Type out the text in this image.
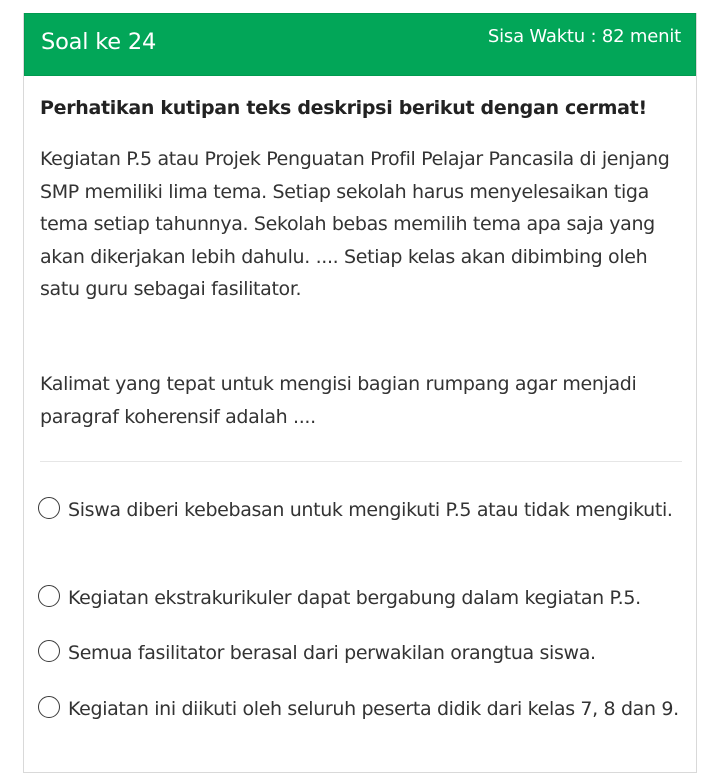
Soal ke 24	Sisa Waktu : 82 menit
Perhatikan kutipan teks deskripsi berikut dengan cermat!

Kegiatan P.5 atau Projek Penguatan Profil Pelajar Pancasila di jenjang SMP memiliki lima tema. Setiap sekolah harus menyelesaikan tiga tema setiap tahunnya. Sekolah bebas memilih tema apa saja yang akan dikerjakan lebih dahulu. .... Setiap kelas akan dibimbing oleh satu guru sebagai fasilitator.

Kalimat yang tepat untuk mengisi bagian rumpang agar menjadi paragraf koherensif adalah ....

Siswa diberi kebebasan untuk mengikuti P.5 atau tidak mengikuti.
Kegiatan ekstrakurikuler dapat bergabung dalam kegiatan P.5.
Semua fasilitator berasal dari perwakilan orangtua siswa.
Kegiatan ini diikuti oleh seluruh peserta didik dari kelas 7, 8 dan 9.
